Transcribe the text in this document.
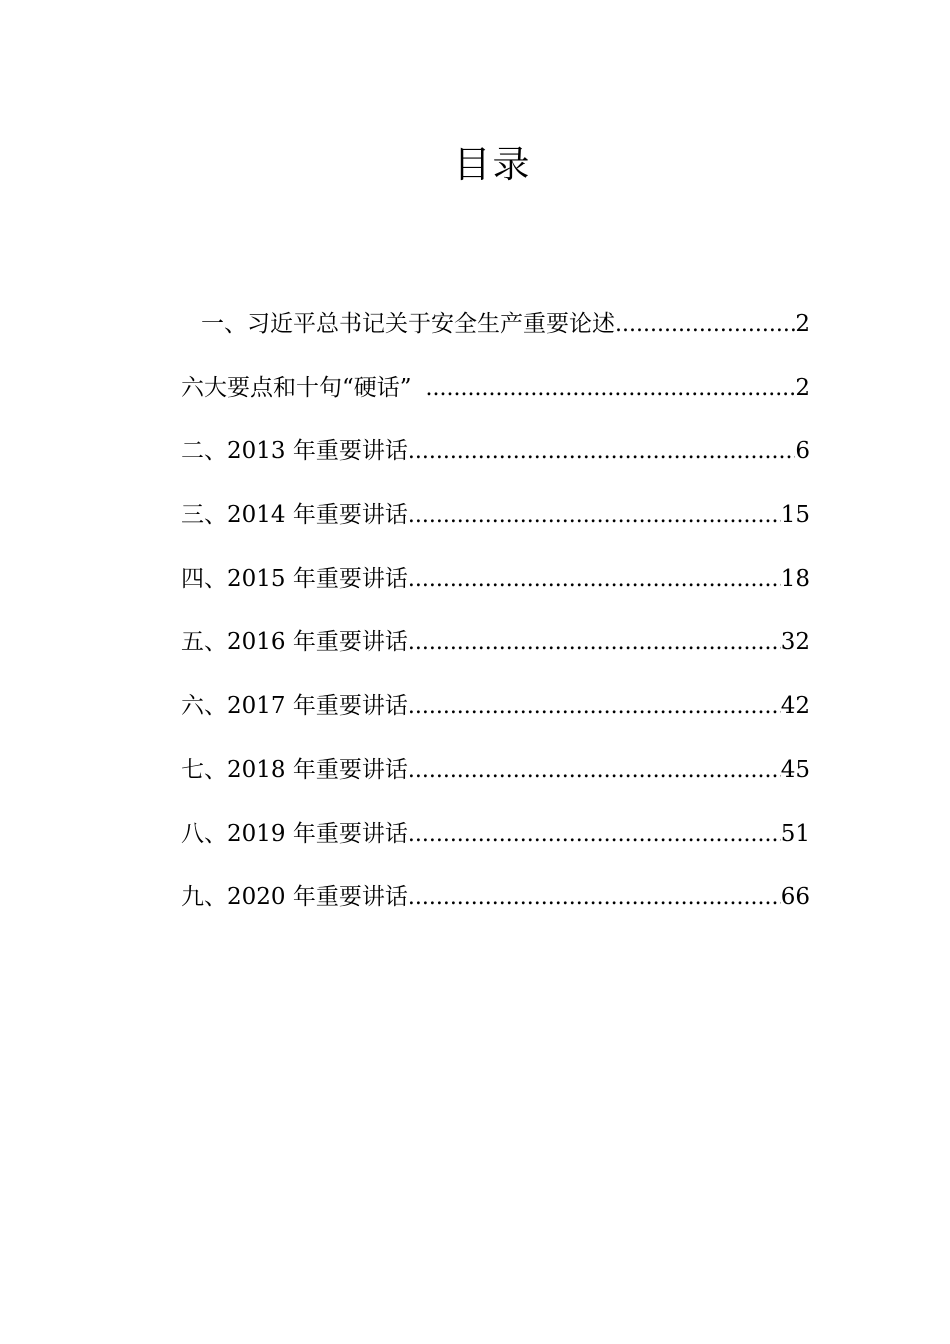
目录
一、习近平总书记关于安全生产重要论述 .....	2
六大要点和十句“硬话” .....	2
二、2013 年重要讲话 .....	6
三、2014 年重要讲话 .....	15
四、2015 年重要讲话 .....	18
五、2016 年重要讲话 .....	32
六、2017 年重要讲话 .....	42
七、2018 年重要讲话 .....	45
八、2019 年重要讲话 .....	51
九、2020 年重要讲话 .....	66
